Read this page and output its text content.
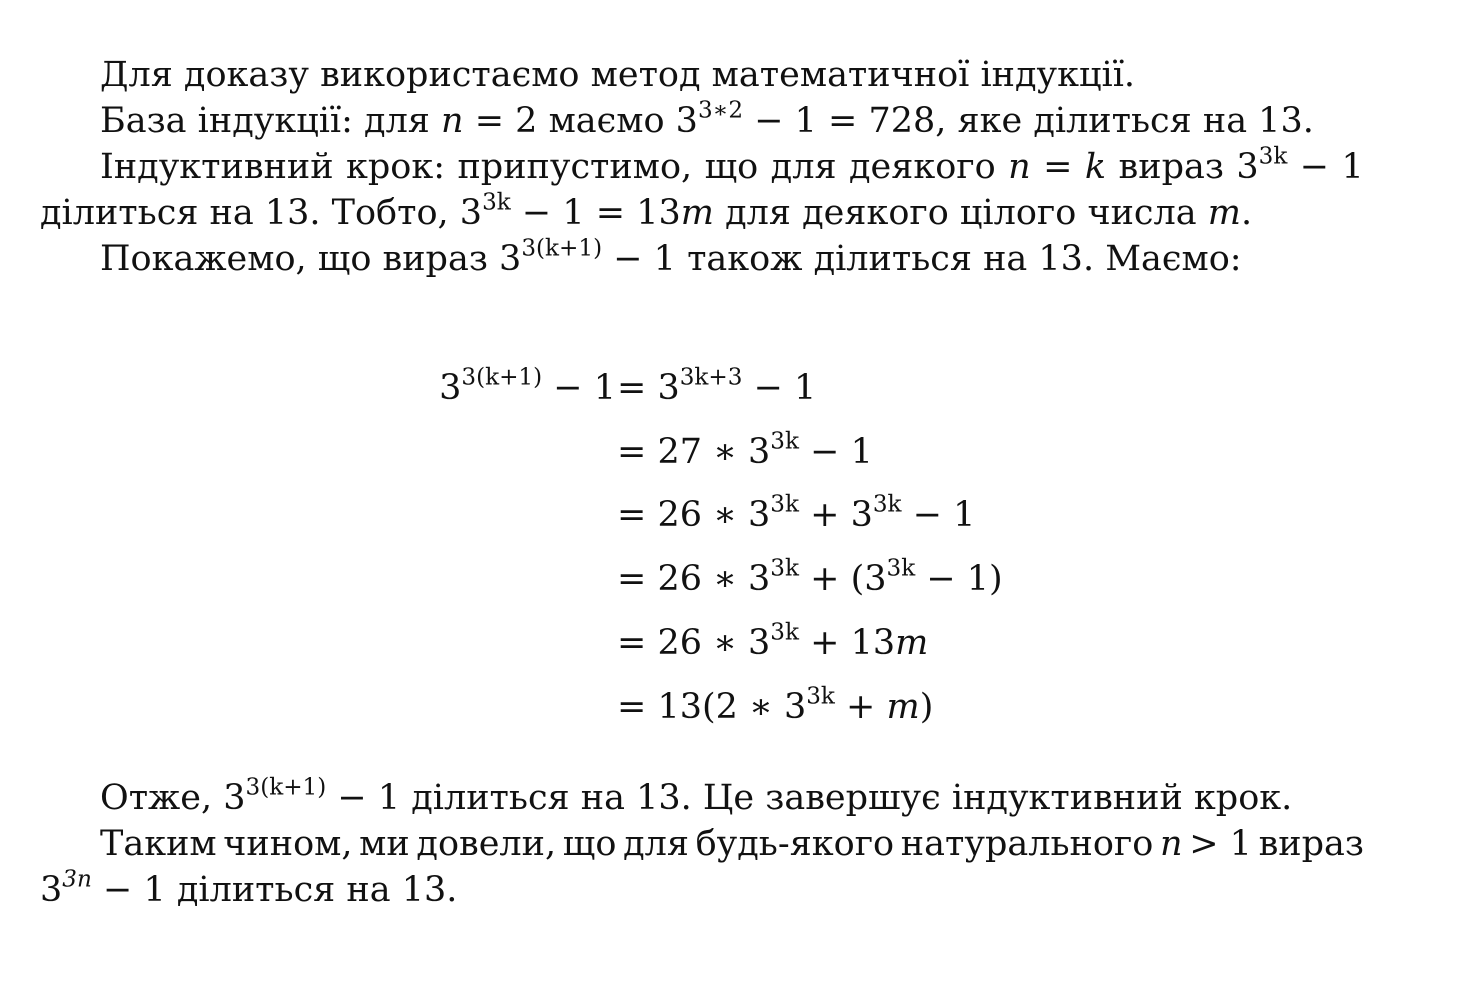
Для доказу використаємо метод математичної індукції.
База індукції: для n = 2 маємо $3^{3∗2} - 1 = 728$, яке ділиться на 13.
Індуктивний крок: припустимо, що для деякого n = k вираз $3^{3k} - 1$
ділиться на 13. Тобто, $3^{3k} - 1 = 13m$ для деякого цілого числа m.
Покажемо, що вираз $3^{3(k+1)} - 1$ також ділиться на 13. Маємо:
$3^{3(k+1)} - 1 = 3^{3k+3} - 1$
= 27 ∗ $3^{3k} - 1$
= 26 ∗ $3^{3k} + 3^{3k} - 1$
= 26 ∗ $3^{3k} + (3^{3k} - 1)$
= 26 ∗ $3^{3k} + 13m$
= 13(2 ∗ $3^{3k} + m$)
Отже, $3^{3(k+1)} - 1$ ділиться на 13. Це завершує індуктивний крок.
Таким чином, ми довели, що для будь-якого натурального n > 1 вираз
$3^{3n} - 1$ ділиться на 13.
